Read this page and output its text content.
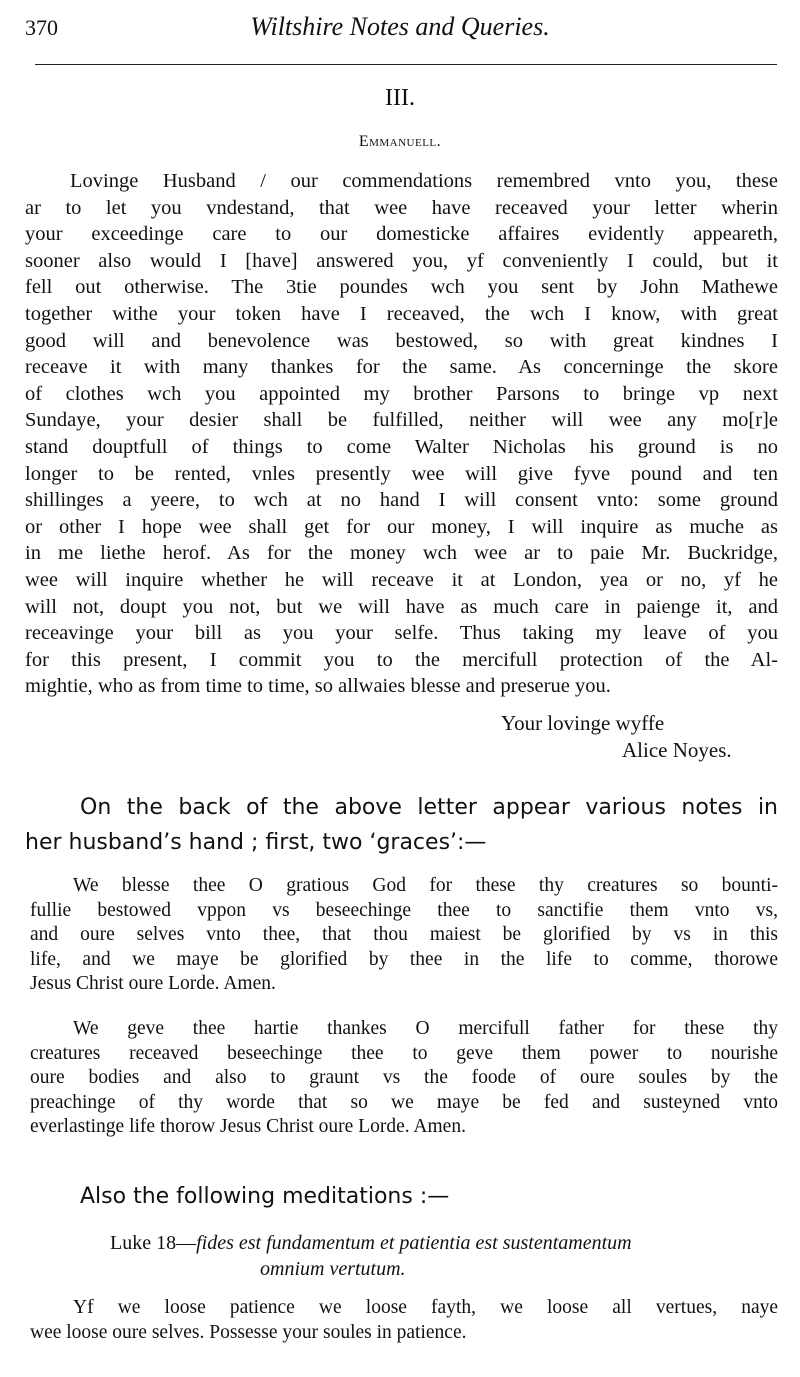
370	Wiltshire Notes and Queries.
III.
Emmanuell.
Lovinge Husband / our commendations remembred vnto you, these
ar to let you vndestand, that wee have receaved your letter wherin
your exceedinge care to our domesticke affaires evidently appeareth,
sooner also would I [have] answered you, yf conveniently I could, but it
fell out otherwise. The 3tie poundes wch you sent by John Mathewe
together withe your token have I receaved, the wch I know, with great
good will and benevolence was bestowed, so with great kindnes I
receave it with many thankes for the same. As concerninge the skore
of clothes wch you appointed my brother Parsons to bringe vp next
Sundaye, your desier shall be fulfilled, neither will wee any mo[r]e
stand douptfull of things to come Walter Nicholas his ground is no
longer to be rented, vnles presently wee will give fyve pound and ten
shillinges a yeere, to wch at no hand I will consent vnto: some ground
or other I hope wee shall get for our money, I will inquire as muche as
in me liethe herof. As for the money wch wee ar to paie Mr. Buckridge,
wee will inquire whether he will receave it at London, yea or no, yf he
will not, doupt you not, but we will have as much care in paienge it, and
receavinge your bill as you your selfe. Thus taking my leave of you
for this present, I commit you to the mercifull protection of the Al-
mightie, who as from time to time, so allwaies blesse and preserue you.
Your lovinge wyffe
Alice Noyes.
On the back of the above letter appear various notes in
her husband’s hand ; first, two ‘graces’:—
We blesse thee O gratious God for these thy creatures so bounti-
fullie bestowed vppon vs beseechinge thee to sanctifie them vnto vs,
and oure selves vnto thee, that thou maiest be glorified by vs in this
life, and we maye be glorified by thee in the life to comme, thorowe
Jesus Christ oure Lorde. Amen.
We geve thee hartie thankes O mercifull father for these thy
creatures receaved beseechinge thee to geve them power to nourishe
oure bodies and also to graunt vs the foode of oure soules by the
preachinge of thy worde that so we maye be fed and susteyned vnto
everlastinge life thorow Jesus Christ oure Lorde. Amen.
Also the following meditations :—
Luke 18—fides est fundamentum et patientia est sustentamentum
omnium vertutum.
Yf we loose patience we loose fayth, we loose all vertues, naye
wee loose oure selves. Possesse your soules in patience.
